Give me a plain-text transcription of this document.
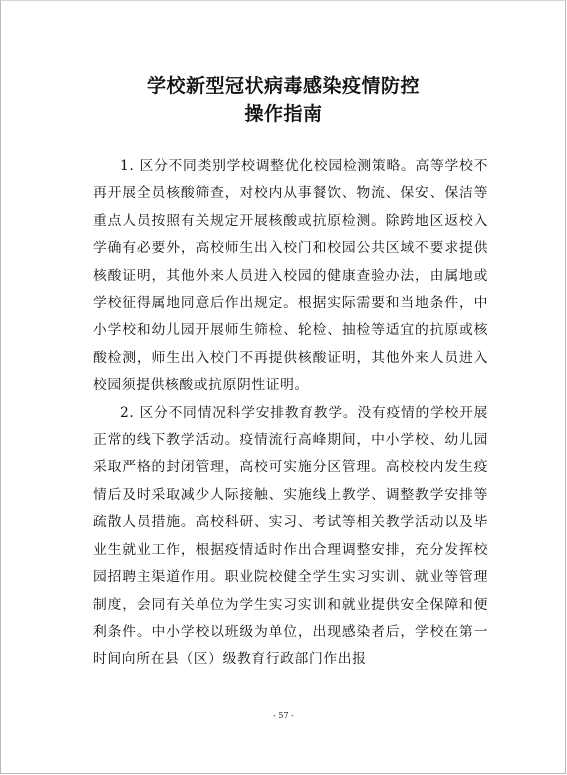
学校新型冠状病毒感染疫情防控
操作指南

1. 区分不同类别学校调整优化校园检测策略。高等学校不再开展全员核酸筛查，对校内从事餐饮、物流、保安、保洁等重点人员按照有关规定开展核酸或抗原检测。除跨地区返校入学确有必要外，高校师生出入校门和校园公共区域不要求提供核酸证明，其他外来人员进入校园的健康查验办法，由属地或学校征得属地同意后作出规定。根据实际需要和当地条件，中小学校和幼儿园开展师生筛检、轮检、抽检等适宜的抗原或核酸检测，师生出入校门不再提供核酸证明，其他外来人员进入校园须提供核酸或抗原阴性证明。

2. 区分不同情况科学安排教育教学。没有疫情的学校开展正常的线下教学活动。疫情流行高峰期间，中小学校、幼儿园采取严格的封闭管理，高校可实施分区管理。高校校内发生疫情后及时采取减少人际接触、实施线上教学、调整教学安排等疏散人员措施。高校科研、实习、考试等相关教学活动以及毕业生就业工作，根据疫情适时作出合理调整安排，充分发挥校园招聘主渠道作用。职业院校健全学生实习实训、就业等管理制度，会同有关单位为学生实习实训和就业提供安全保障和便利条件。中小学校以班级为单位，出现感染者后，学校在第一时间向所在县（区）级教育行政部门作出报

- 57 -
